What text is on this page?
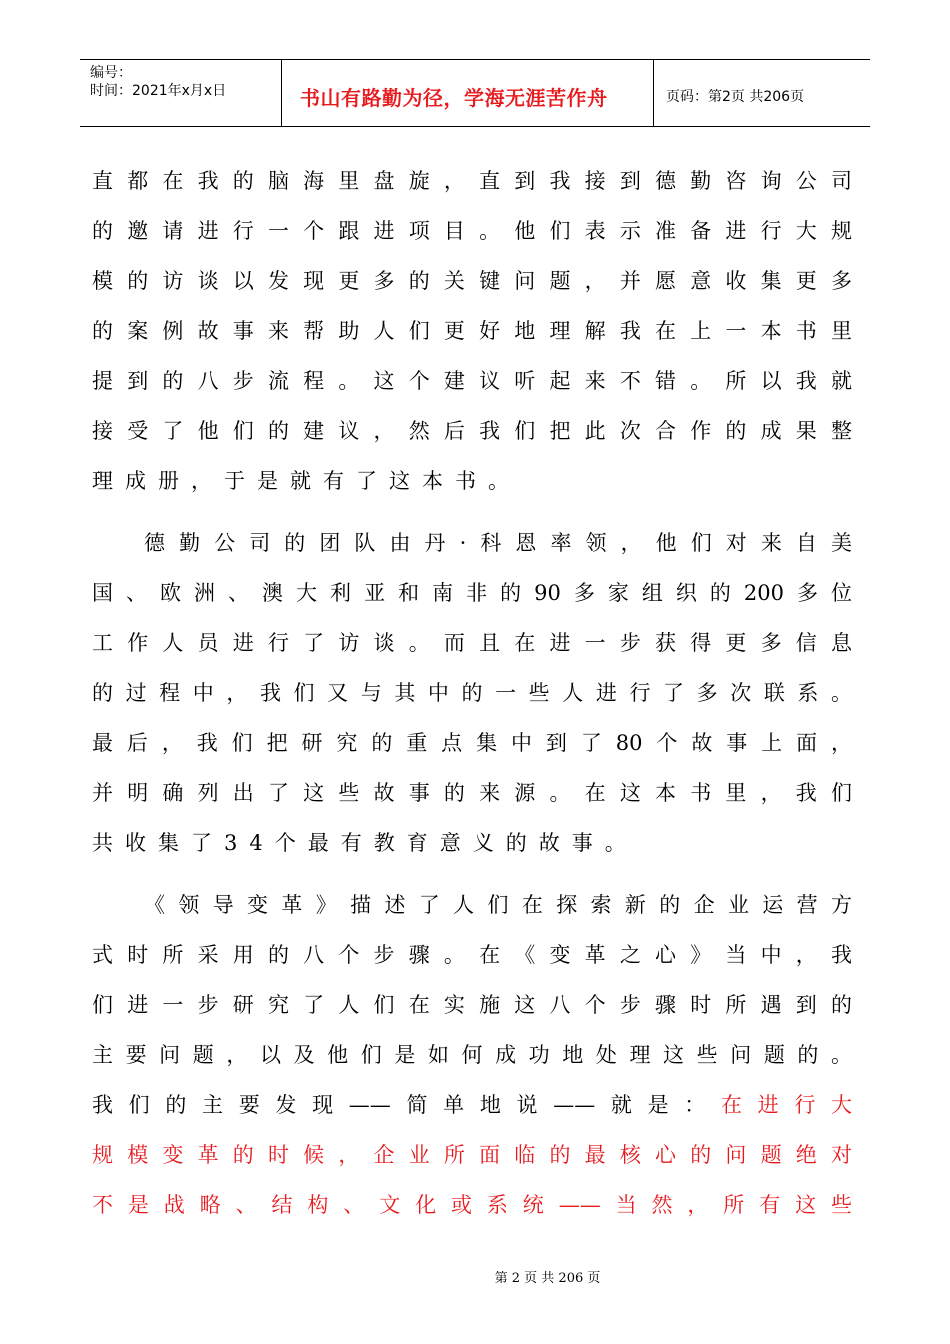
编号：
时间：2021年x月x日	书山有路勤为径，学海无涯苦作舟	页码：第2页 共206页
直都在我的脑海里盘旋，直到我接到德勤咨询公司
的邀请进行一个跟进项目。他们表示准备进行大规
模的访谈以发现更多的关键问题，并愿意收集更多
的案例故事来帮助人们更好地理解我在上一本书里
提到的八步流程。这个建议听起来不错。所以我就
接受了他们的建议，然后我们把此次合作的成果整
理成册，于是就有了这本书。
德勤公司的团队由丹·科恩率领，他们对来自美
国、欧洲、澳大利亚和南非的90多家组织的200多位
工作人员进行了访谈。而且在进一步获得更多信息
的过程中，我们又与其中的一些人进行了多次联系。
最后，我们把研究的重点集中到了80个故事上面，
并明确列出了这些故事的来源。在这本书里，我们
共收集了34个最有教育意义的故事。
《领导变革》描述了人们在探索新的企业运营方
式时所采用的八个步骤。在《变革之心》当中，我
们进一步研究了人们在实施这八个步骤时所遇到的
主要问题，以及他们是如何成功地处理这些问题的。
我们的主要发现——简单地说——就是：在进行大
规模变革的时候，企业所面临的最核心的问题绝对
不是战略、结构、文化或系统——当然，所有这些
第 2 页 共 206 页
